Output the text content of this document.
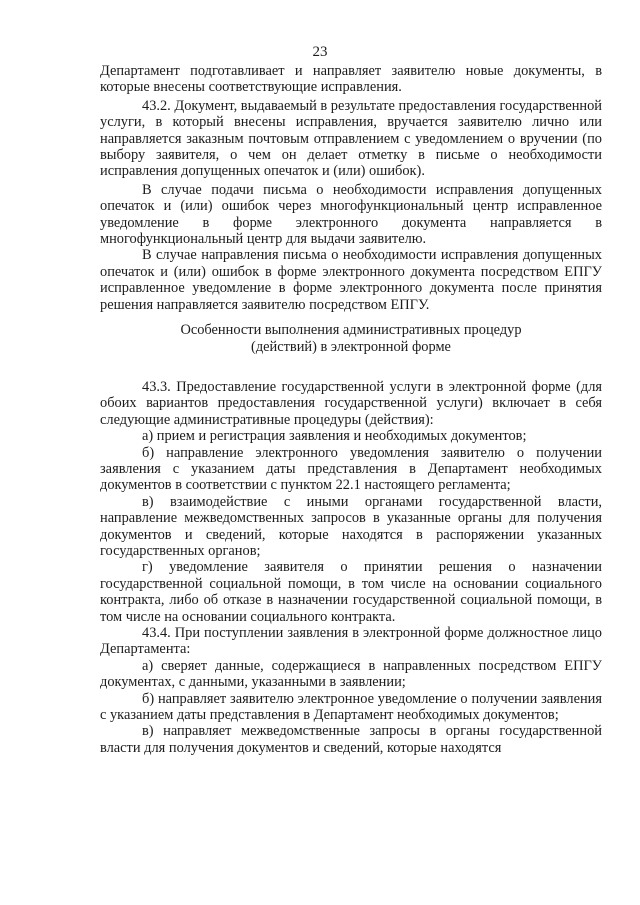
23

Департамент подготавливает и направляет заявителю новые документы, в которые внесены соответствующие исправления.

43.2. Документ, выдаваемый в результате предоставления государственной услуги, в который внесены исправления, вручается заявителю лично или направляется заказным почтовым отправлением с уведомлением о вручении (по выбору заявителя, о чем он делает отметку в письме о необходимости исправления допущенных опечаток и (или) ошибок).

В случае подачи письма о необходимости исправления допущенных опечаток и (или) ошибок через многофункциональный центр исправленное уведомление в форме электронного документа направляется в многофункциональный центр для выдачи заявителю.

В случае направления письма о необходимости исправления допущенных опечаток и (или) ошибок в форме электронного документа посредством ЕПГУ исправленное уведомление в форме электронного документа после принятия решения направляется заявителю посредством ЕПГУ.

Особенности выполнения административных процедур
(действий) в электронной форме

43.3. Предоставление государственной услуги в электронной форме (для обоих вариантов предоставления государственной услуги) включает в себя следующие административные процедуры (действия):

а) прием и регистрация заявления и необходимых документов;

б) направление электронного уведомления заявителю о получении заявления с указанием даты представления в Департамент необходимых документов в соответствии с пунктом 22.1 настоящего регламента;

в) взаимодействие с иными органами государственной власти, направление межведомственных запросов в указанные органы для получения документов и сведений, которые находятся в распоряжении указанных государственных органов;

г) уведомление заявителя о принятии решения о назначении государственной социальной помощи, в том числе на основании социального контракта, либо об отказе в назначении государственной социальной помощи, в том числе на основании социального контракта.

43.4. При поступлении заявления в электронной форме должностное лицо Департамента:

а) сверяет данные, содержащиеся в направленных посредством ЕПГУ документах, с данными, указанными в заявлении;

б) направляет заявителю электронное уведомление о получении заявления с указанием даты представления в Департамент необходимых документов;

в) направляет межведомственные запросы в органы государственной власти для получения документов и сведений, которые находятся
